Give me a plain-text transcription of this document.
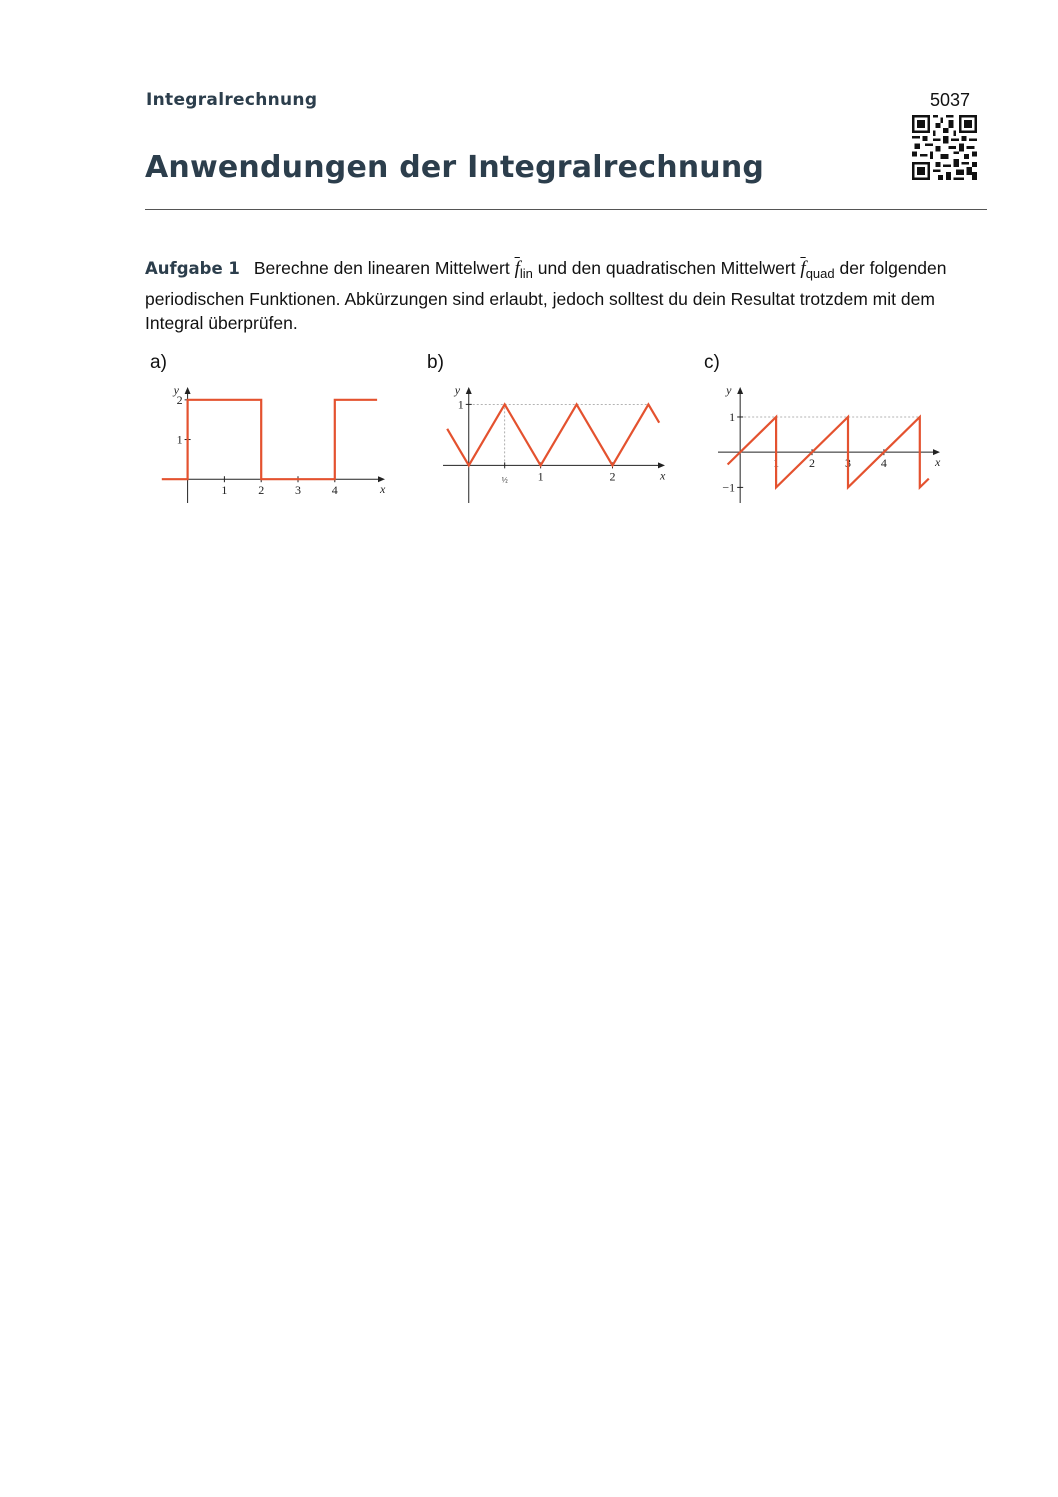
Integralrechnung	5037
Anwendungen der Integralrechnung
Aufgabe 1 Berechne den linearen Mittelwert $\overline{f}_{lin}$ und den quadratischen Mittelwert $\overline{f}_{quad}$ der folgenden periodischen Funktionen. Abkürzungen sind erlaubt, jedoch solltest du dein Resultat trotzdem mit dem Integral überprüfen.
a)	b)	c)
x
y
1	2	3	4
1
2
x
y
½ 1	2
1
x
y
1 2 3 4
1
−1
